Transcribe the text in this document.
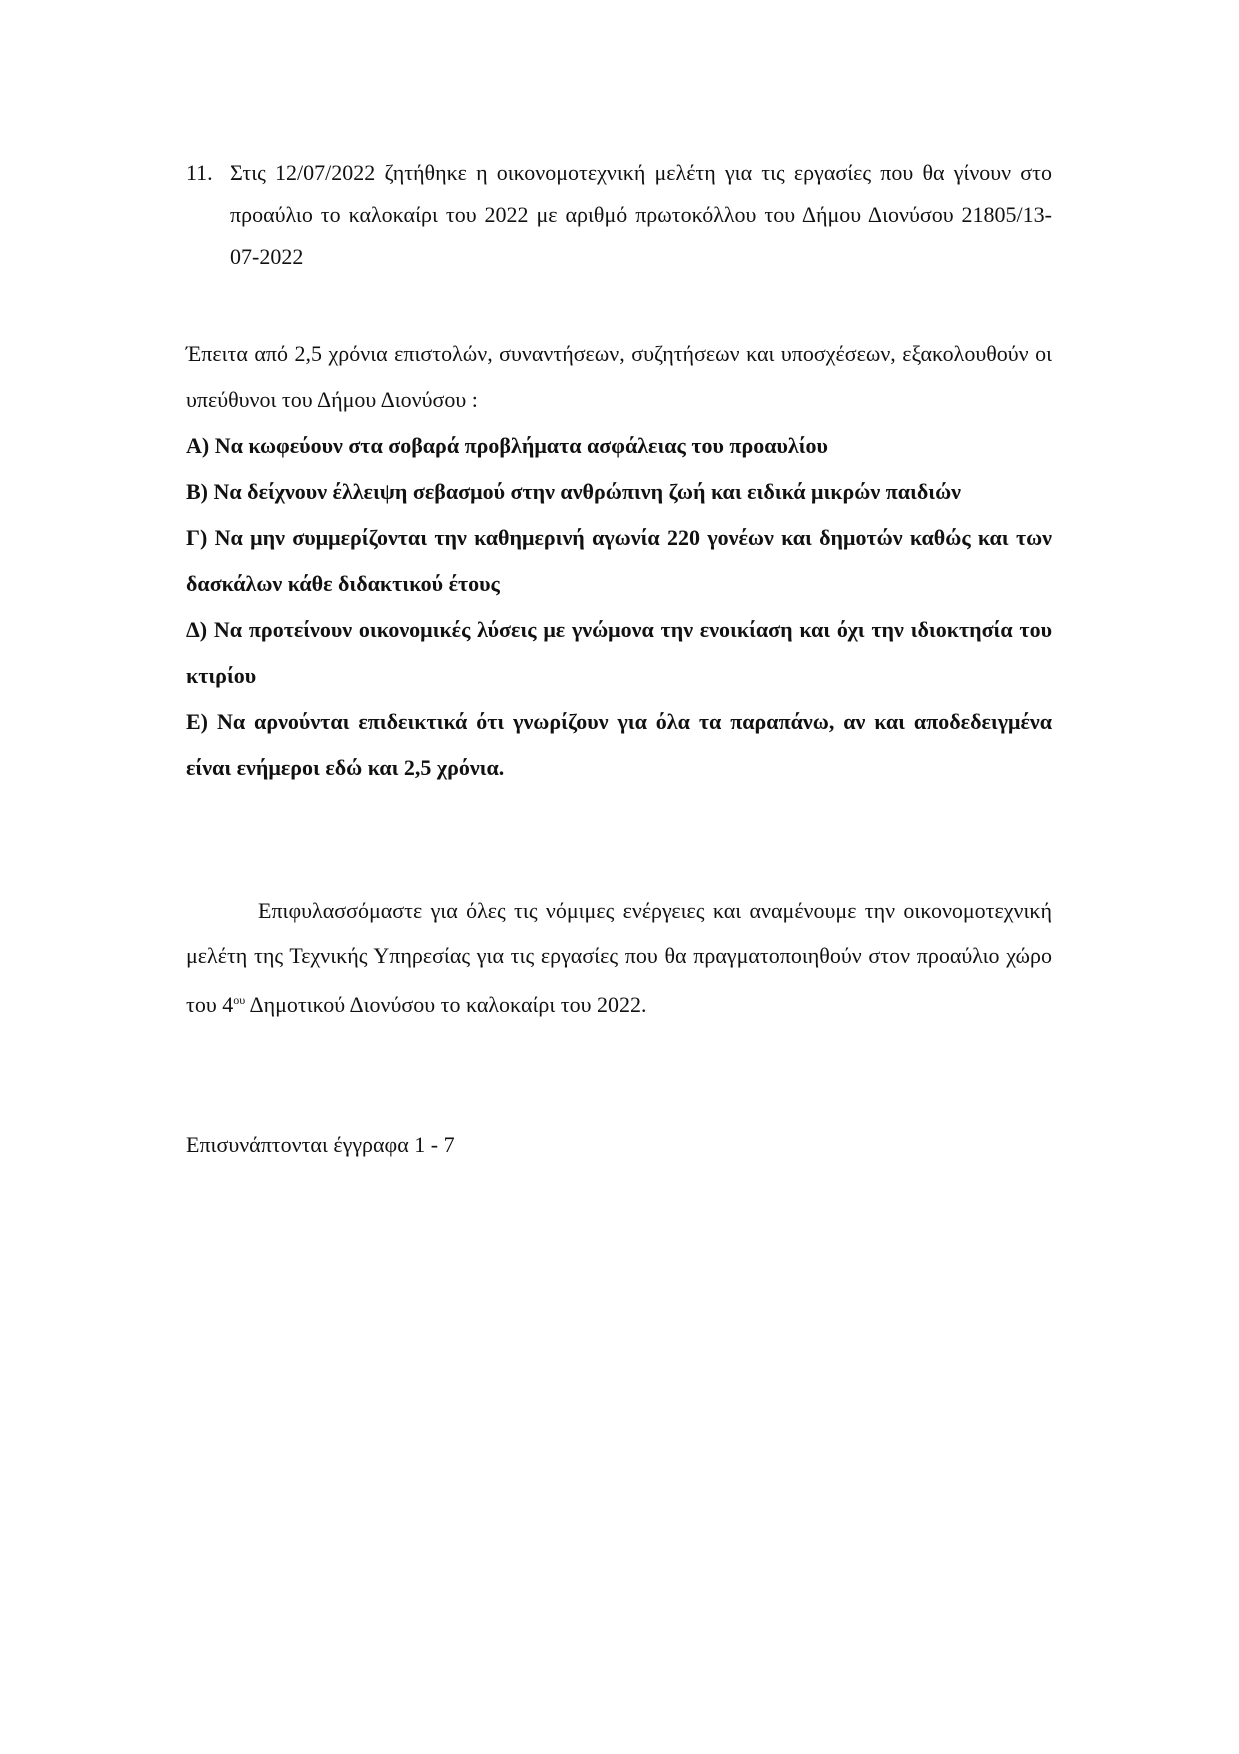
11. Στις 12/07/2022 ζητήθηκε η οικονομοτεχνική μελέτη για τις εργασίες που θα γίνουν στο προαύλιο το καλοκαίρι του 2022 με αριθμό πρωτοκόλλου του Δήμου Διονύσου 21805/13-07-2022

Έπειτα από 2,5 χρόνια επιστολών, συναντήσεων, συζητήσεων και υποσχέσεων, εξακολουθούν οι υπεύθυνοι του Δήμου Διονύσου :

Α) Να κωφεύουν στα σοβαρά προβλήματα ασφάλειας του προαυλίου

Β) Να δείχνουν έλλειψη σεβασμού στην ανθρώπινη ζωή και ειδικά μικρών παιδιών

Γ) Να μην συμμερίζονται την καθημερινή αγωνία 220 γονέων και δημοτών καθώς και των δασκάλων κάθε διδακτικού έτους

Δ) Να προτείνουν οικονομικές λύσεις με γνώμονα την ενοικίαση και όχι την ιδιοκτησία του κτιρίου

Ε) Να αρνούνται επιδεικτικά ότι γνωρίζουν για όλα τα παραπάνω, αν και αποδεδειγμένα είναι ενήμεροι εδώ και 2,5 χρόνια.

Επιφυλασσόμαστε για όλες τις νόμιμες ενέργειες και αναμένουμε την οικονομοτεχνική μελέτη της Τεχνικής Υπηρεσίας για τις εργασίες που θα πραγματοποιηθούν στον προαύλιο χώρο του $4^{o\upsilon}$ Δημοτικού Διονύσου το καλοκαίρι του 2022.

Επισυνάπτονται έγγραφα 1 - 7
